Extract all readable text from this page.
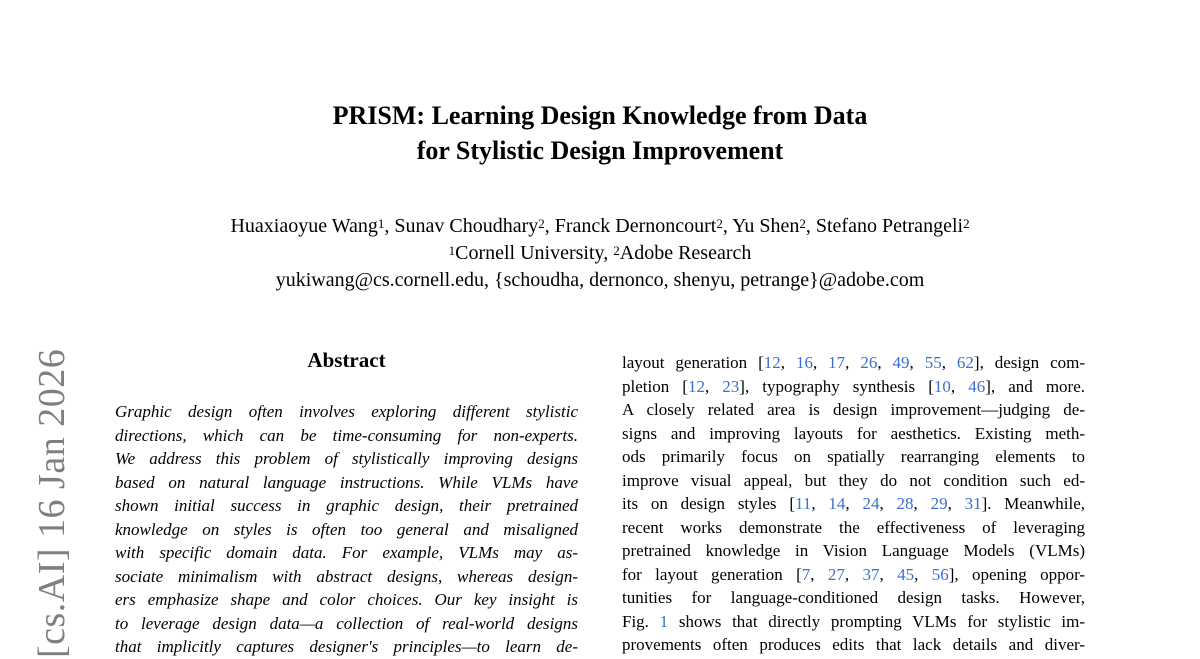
[cs.AI] 16 Jan 2026
PRISM: Learning Design Knowledge from Data
for Stylistic Design Improvement
Huaxiaoyue Wang$^1$, Sunav Choudhary$^2$, Franck Dernoncourt$^2$, Yu Shen$^2$, Stefano Petrangeli$^2$
$^1$Cornell University, $^2$Adobe Research
yukiwang@cs.cornell.edu, {schoudha, dernonco, shenyu, petrange}@adobe.com
Abstract
Graphic design often involves exploring different stylistic
directions, which can be time-consuming for non-experts.
We address this problem of stylistically improving designs
based on natural language instructions. While VLMs have
shown initial success in graphic design, their pretrained
knowledge on styles is often too general and misaligned
with specific domain data. For example, VLMs may as-
sociate minimalism with abstract designs, whereas design-
ers emphasize shape and color choices. Our key insight is
to leverage design data—a collection of real-world designs
that implicitly captures designer's principles—to learn de-
layout generation [12, 16, 17, 26, 49, 55, 62], design com-
pletion [12, 23], typography synthesis [10, 46], and more.
A closely related area is design improvement—judging de-
signs and improving layouts for aesthetics. Existing meth-
ods primarily focus on spatially rearranging elements to
improve visual appeal, but they do not condition such ed-
its on design styles [11, 14, 24, 28, 29, 31]. Meanwhile,
recent works demonstrate the effectiveness of leveraging
pretrained knowledge in Vision Language Models (VLMs)
for layout generation [7, 27, 37, 45, 56], opening oppor-
tunities for language-conditioned design tasks. However,
Fig. 1 shows that directly prompting VLMs for stylistic im-
provements often produces edits that lack details and diver-
